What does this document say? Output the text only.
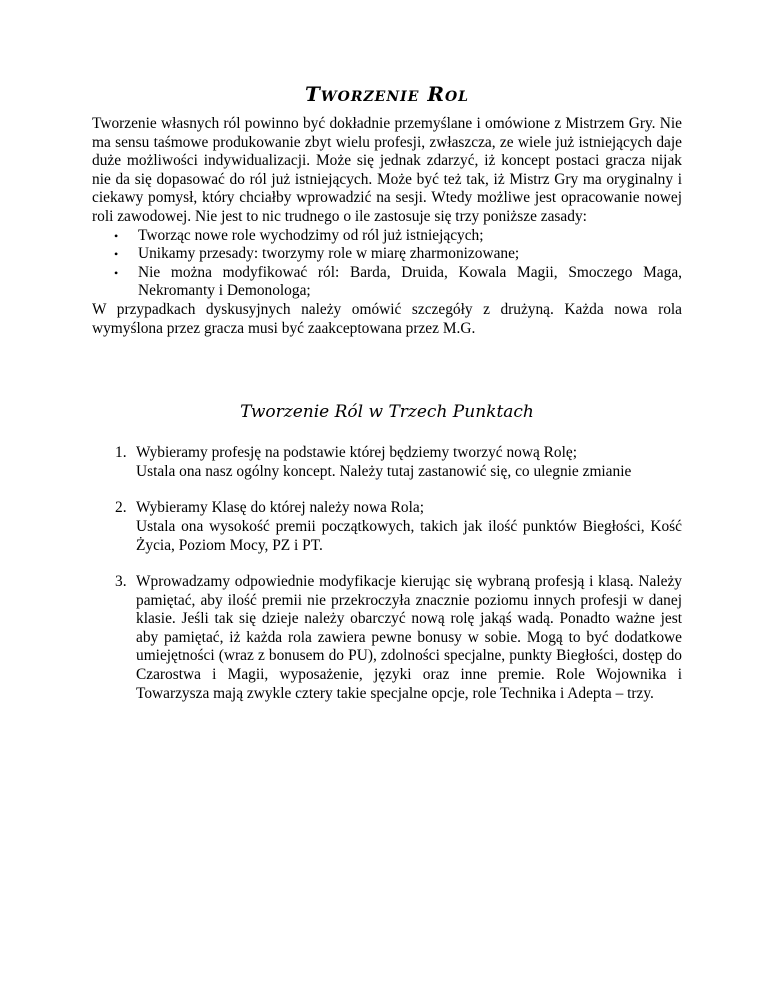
Tworzenie Rol

Tworzenie własnych ról powinno być dokładnie przemyślane i omówione z Mistrzem Gry. Nie ma sensu taśmowe produkowanie zbyt wielu profesji, zwłaszcza, ze wiele już istniejących daje duże możliwości indywidualizacji. Może się jednak zdarzyć, iż koncept postaci gracza nijak nie da się dopasować do ról już istniejących. Może być też tak, iż Mistrz Gry ma oryginalny i ciekawy pomysł, który chciałby wprowadzić na sesji. Wtedy możliwe jest opracowanie nowej roli zawodowej. Nie jest to nic trudnego o ile zastosuje się trzy poniższe zasady:

• Tworząc nowe role wychodzimy od ról już istniejących;
• Unikamy przesady: tworzymy role w miarę zharmonizowane;
• Nie można modyfikować ról: Barda, Druida, Kowala Magii, Smoczego Maga, Nekromanty i Demonologa;

W przypadkach dyskusyjnych należy omówić szczegóły z drużyną. Każda nowa rola wymyślona przez gracza musi być zaakceptowana przez M.G.

Tworzenie Ról w Trzech Punktach
1. Wybieramy profesję na podstawie której będziemy tworzyć nową Rolę;

Ustala ona nasz ogólny koncept. Należy tutaj zastanowić się, co ulegnie zmianie

2. Wybieramy Klasę do której należy nowa Rola;

Ustala ona wysokość premii początkowych, takich jak ilość punktów Biegłości, Kość Życia, Poziom Mocy, PZ i PT.

3. Wprowadzamy odpowiednie modyfikacje kierując się wybraną profesją i klasą. Należy pamiętać, aby ilość premii nie przekroczyła znacznie poziomu innych profesji w danej klasie. Jeśli tak się dzieje należy obarczyć nową rolę jakąś wadą. Ponadto ważne jest aby pamiętać, iż każda rola zawiera pewne bonusy w sobie. Mogą to być dodatkowe umiejętności (wraz z bonusem do PU), zdolności specjalne, punkty Biegłości, dostęp do Czarostwa i Magii, wyposażenie, języki oraz inne premie. Role Wojownika i Towarzysza mają zwykle cztery takie specjalne opcje, role Technika i Adepta – trzy.
